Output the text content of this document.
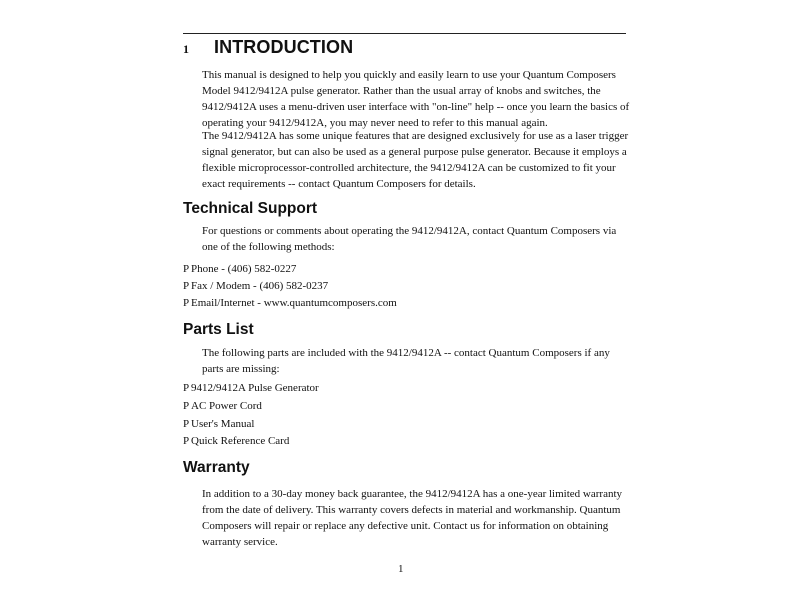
1	INTRODUCTION

This manual is designed to help you quickly and easily learn to use your Quantum Composers Model 9412/9412A pulse generator. Rather than the usual array of knobs and switches, the 9412/9412A uses a menu-driven user interface with "on-line" help -- once you learn the basics of operating your 9412/9412A, you may never need to refer to this manual again.

The 9412/9412A has some unique features that are designed exclusively for use as a laser trigger signal generator, but can also be used as a general purpose pulse generator. Because it employs a flexible microprocessor-controlled architecture, the 9412/9412A can be customized to fit your exact requirements -- contact Quantum Composers for details.

Technical Support

For questions or comments about operating the 9412/9412A, contact Quantum Composers via one of the following methods:

P Phone - (406) 582-0227
P Fax / Modem - (406) 582-0237
P Email/Internet - www.quantumcomposers.com
Parts List

The following parts are included with the 9412/9412A -- contact Quantum Composers if any parts are missing:

P 9412/9412A Pulse Generator
P AC Power Cord
P User's Manual
P Quick Reference Card
Warranty

In addition to a 30-day money back guarantee, the 9412/9412A has a one-year limited warranty from the date of delivery. This warranty covers defects in material and workmanship. Quantum Composers will repair or replace any defective unit. Contact us for information on obtaining warranty service.

1
